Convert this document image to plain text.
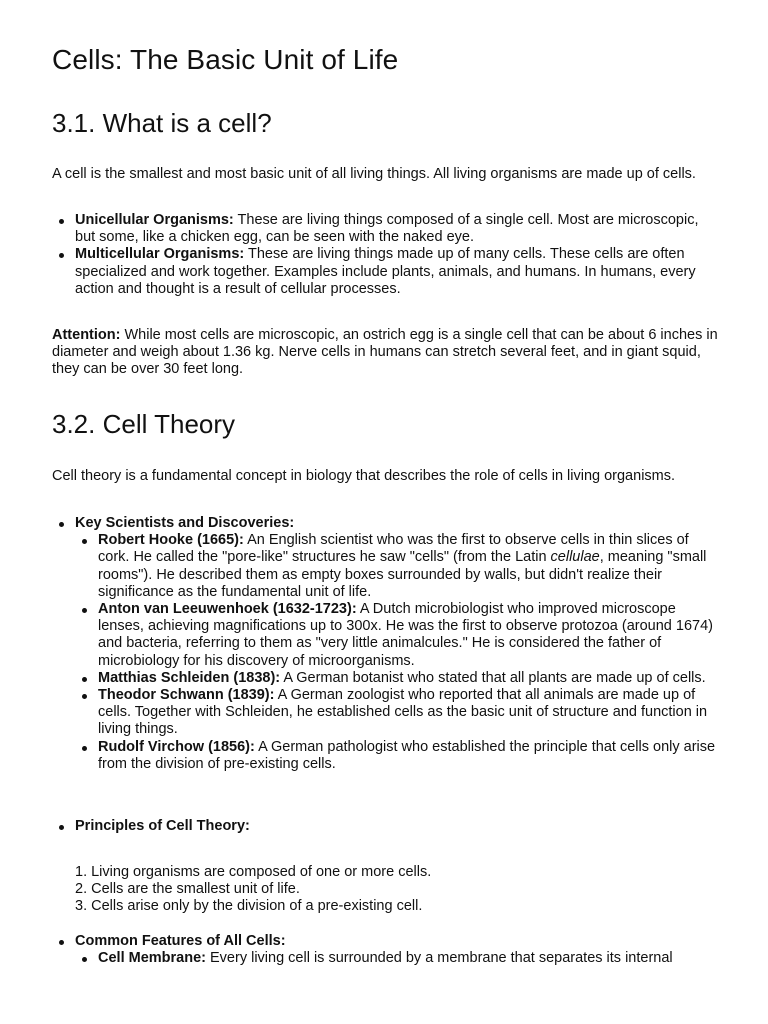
Cells: The Basic Unit of Life
3.1. What is a cell?

A cell is the smallest and most basic unit of all living things. All living organisms are made up of cells.

Unicellular Organisms: These are living things composed of a single cell. Most are microscopic, but some, like a chicken egg, can be seen with the naked eye.
Multicellular Organisms: These are living things made up of many cells. These cells are often specialized and work together. Examples include plants, animals, and humans. In humans, every action and thought is a result of cellular processes.

Attention: While most cells are microscopic, an ostrich egg is a single cell that can be about 6 inches in diameter and weigh about 1.36 kg. Nerve cells in humans can stretch several feet, and in giant squid, they can be over 30 feet long.

3.2. Cell Theory

Cell theory is a fundamental concept in biology that describes the role of cells in living organisms.

Key Scientists and Discoveries:
Robert Hooke (1665): An English scientist who was the first to observe cells in thin slices of cork. He called the "pore-like" structures he saw "cells" (from the Latin cellulae, meaning "small rooms"). He described them as empty boxes surrounded by walls, but didn't realize their significance as the fundamental unit of life.
Anton van Leeuwenhoek (1632-1723): A Dutch microbiologist who improved microscope lenses, achieving magnifications up to 300x. He was the first to observe protozoa (around 1674) and bacteria, referring to them as "very little animalcules." He is considered the father of microbiology for his discovery of microorganisms.
Matthias Schleiden (1838): A German botanist who stated that all plants are made up of cells.
Theodor Schwann (1839): A German zoologist who reported that all animals are made up of cells. Together with Schleiden, he established cells as the basic unit of structure and function in living things.
Rudolf Virchow (1856): A German pathologist who established the principle that cells only arise from the division of pre-existing cells.
Principles of Cell Theory:
1. Living organisms are composed of one or more cells.
2. Cells are the smallest unit of life.
3. Cells arise only by the division of a pre-existing cell.
Common Features of All Cells:
Cell Membrane: Every living cell is surrounded by a membrane that separates its internal
